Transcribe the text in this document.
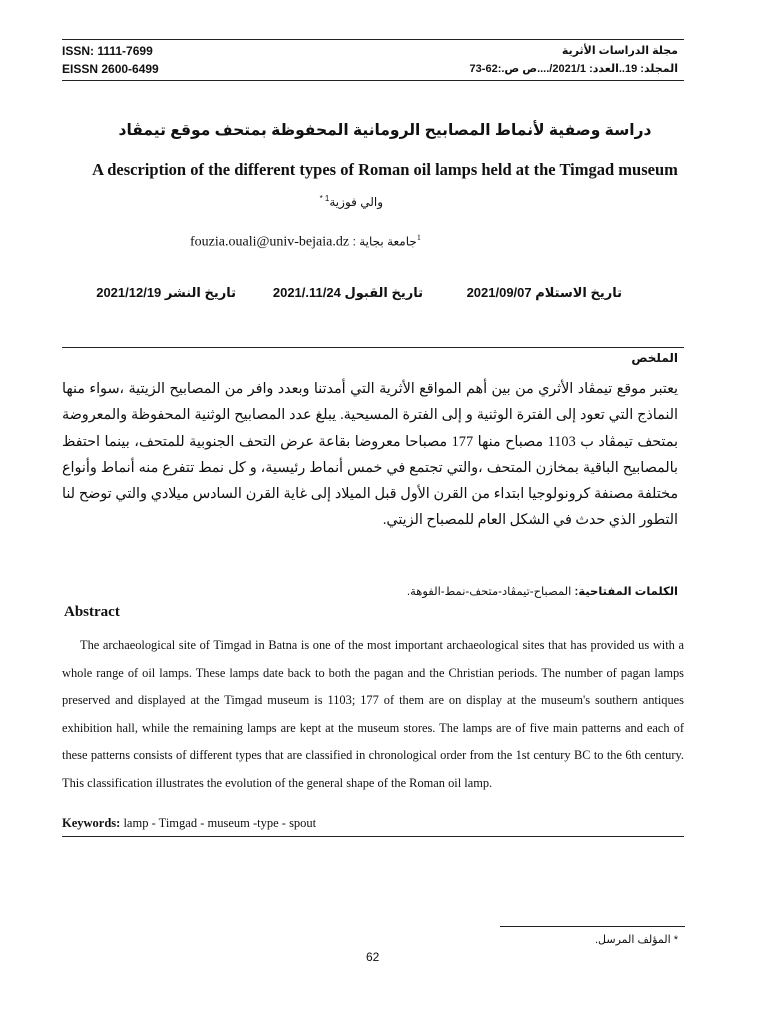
ISSN: 1111-7699
EISSN 2600-6499
مجلة الدراسات الأثرية
المجلد: 19..العدد: 2021/1/....ص ص.:62-73
دراسة وصفية لأنماط المصابيح الرومانية المحفوظة بمتحف موقع تيمڤاد
A description of the different types of Roman oil lamps held at the Timgad museum
والي فوزية$^{1 *}$
fouzia.ouali@univ-bejaia.dz جامعة بجاية :$^1$
تاريخ الاستلام 2021/09/07
تاريخ القبول 2021/.11/24
تاريخ النشر 2021/12/19
الملخص
يعتبر موقع تيمڤاد الأثري من بين أهم المواقع الأثرية التي أمدتنا وبعدد وافر من المصابيح الزيتية ،سواء منها النماذج التي تعود إلى الفترة الوثنية و إلى الفترة المسيحية. يبلغ عدد المصابيح الوثنية المحفوظة والمعروضة بمتحف تيمڤاد ب 1103 مصباح منها 177 مصباحا معروضا بقاعة عرض التحف الجنوبية للمتحف، بينما احتفظ بالمصابيح الباقية بمخازن المتحف ،والتي تجتمع في خمس أنماط رئيسية، و كل نمط تتفرع منه أنماط وأنواع مختلفة مصنفة كرونولوجيا ابتداء من القرن الأول قبل الميلاد إلى غاية القرن السادس ميلادي والتي توضح لنا التطور الذي حدث في الشكل العام للمصباح الزيتي.
الكلمات المفتاحية: المصباح-تيمڤاد-متحف-نمط-الفوهة.
Abstract
The archaeological site of Timgad in Batna is one of the most important archaeological sites that has provided us with a whole range of oil lamps. These lamps date back to both the pagan and the Christian periods. The number of pagan lamps preserved and displayed at the Timgad museum is 1103; 177 of them are on display at the museum's southern antiques exhibition hall, while the remaining lamps are kept at the museum stores. The lamps are of five main patterns and each of these patterns consists of different types that are classified in chronological order from the 1st century BC to the 6th century. This classification illustrates the evolution of the general shape of the Roman oil lamp.
Keywords: lamp - Timgad - museum -type - spout
* المؤلف المرسل.
62
